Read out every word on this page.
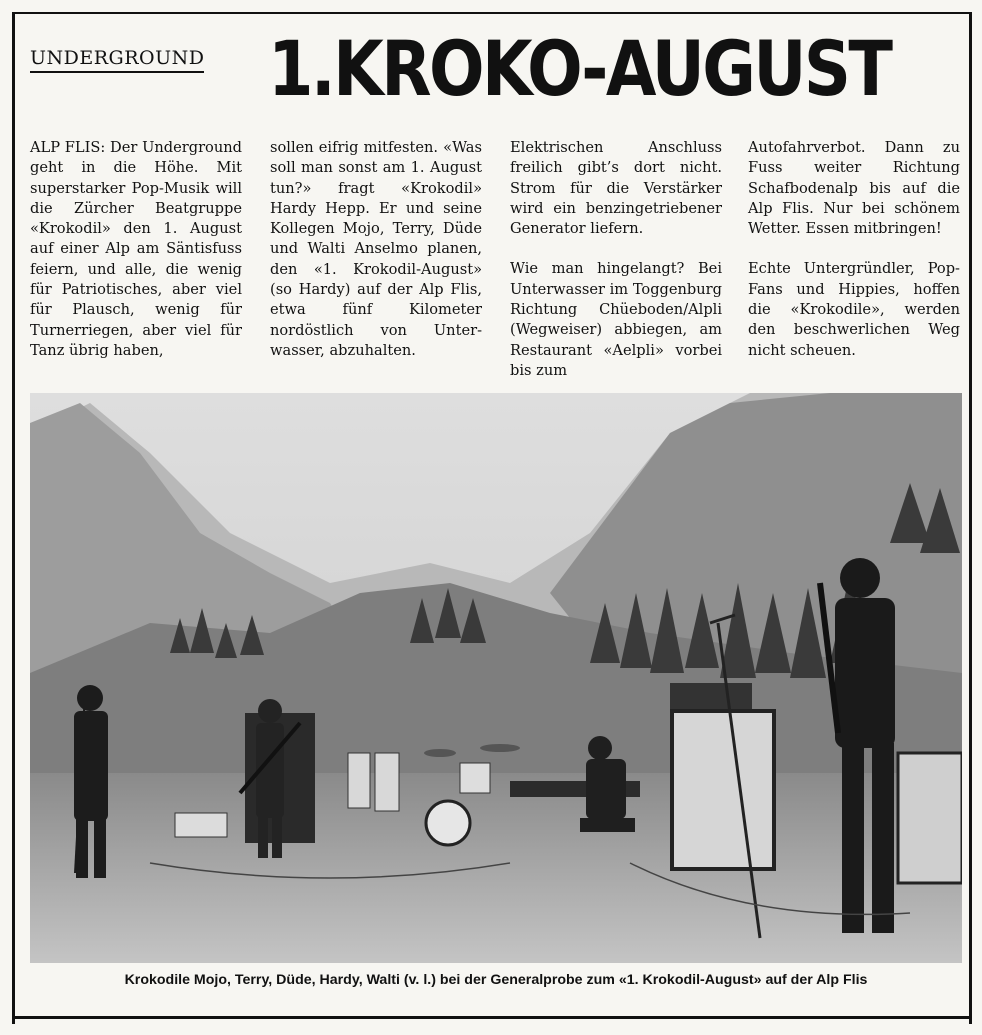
UNDERGROUND 1.KROKO-AUGUST

ALP FLIS: Der Underground geht in die Höhe. Mit superstarker Pop-Musik will die Zürcher Beatgruppe «Krokodil» den 1. August auf einer Alp am Säntisfuss feiern, und alle, die wenig für Patriotisches, aber viel für Plausch, wenig für Turnerriegen, aber viel für Tanz übrig haben,

sollen eifrig mitfesten. «Was soll man sonst am 1. August tun?» fragt «Krokodil» Hardy Hepp. Er und seine Kollegen Mojo, Terry, Düde und Walti Anselmo planen, den «1. Krokodil-August» (so Hardy) auf der Alp Flis, etwa fünf Kilometer nordöstlich von Unterwasser, abzuhalten.

Elektrischen Anschluss freilich gibt’s dort nicht. Strom für die Verstärker wird ein benzingetriebener Generator liefern.

Wie man hingelangt? Bei Unterwasser im Toggenburg Richtung Chüeboden/Alpli (Wegweiser) abbiegen, am Restaurant «Aelpli» vorbei bis zum

Autofahrverbot. Dann zu Fuss weiter Richtung Schafbodenalp bis auf die Alp Flis. Nur bei schönem Wetter. Essen mitbringen!

Echte Untergründler, Pop-Fans und Hippies, hoffen die «Krokodile», werden den beschwerlichen Weg nicht scheuen.

Krokodile Mojo, Terry, Düde, Hardy, Walti (v. l.) bei der Generalprobe zum «1. Krokodil-August» auf der Alp Flis
